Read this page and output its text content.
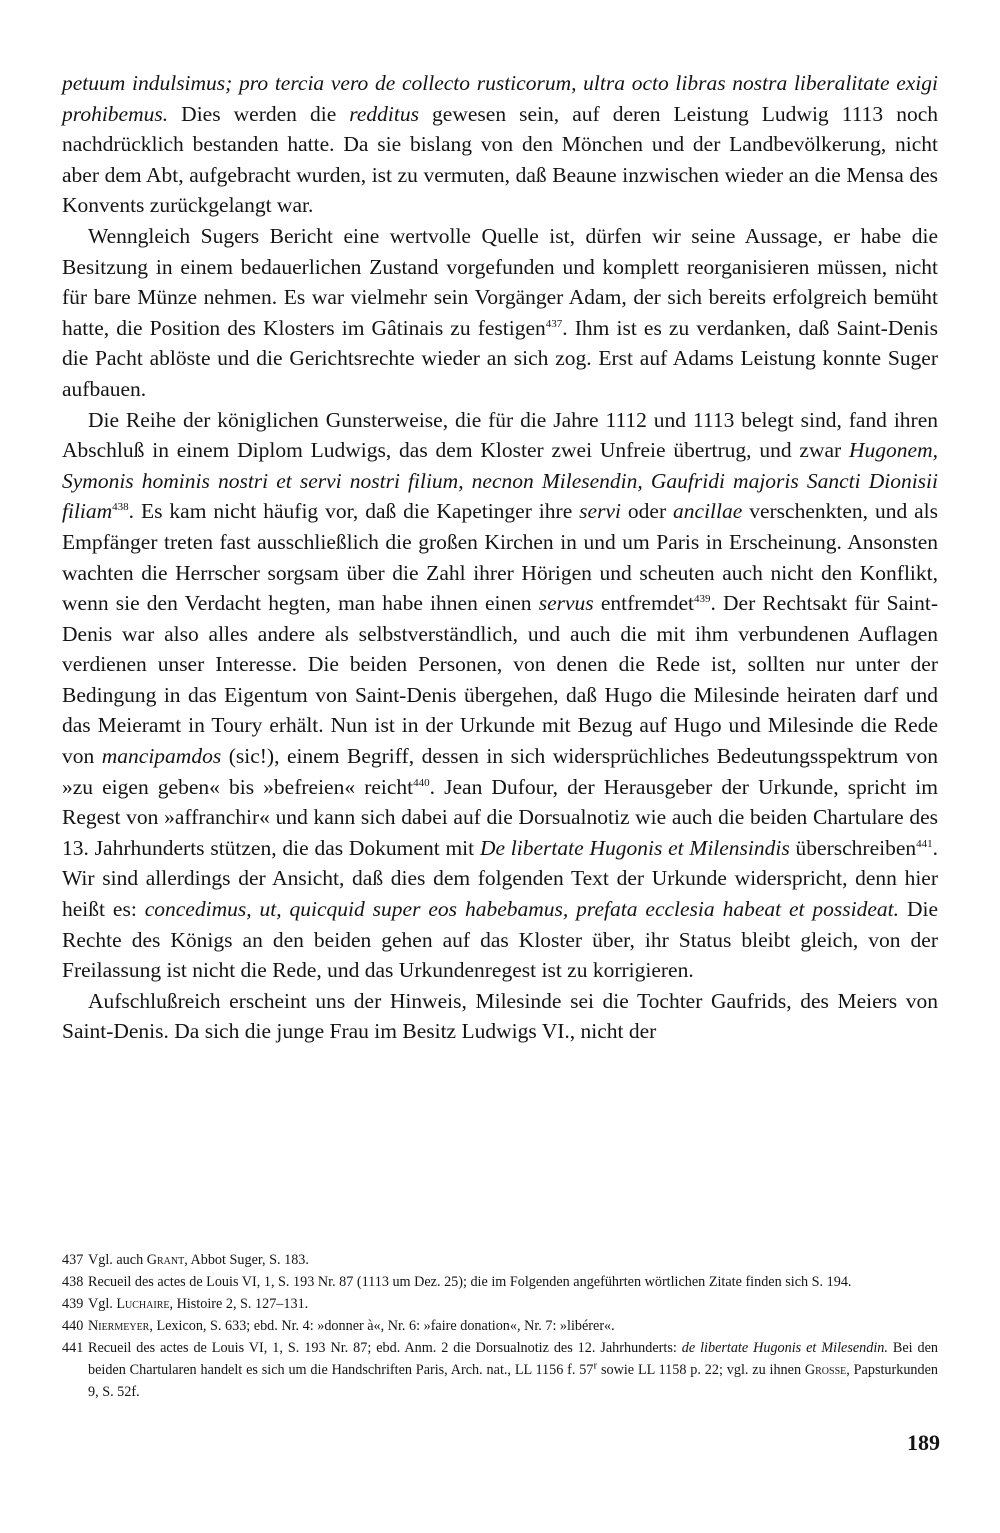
petuum indulsimus; pro tercia vero de collecto rusticorum, ultra octo libras nostra liberalitate exigi prohibemus. Dies werden die redditus gewesen sein, auf deren Leistung Ludwig 1113 noch nachdrücklich bestanden hatte. Da sie bislang von den Mönchen und der Landbevölkerung, nicht aber dem Abt, aufgebracht wurden, ist zu vermuten, daß Beaune inzwischen wieder an die Mensa des Konvents zurückgelangt war.

Wenngleich Sugers Bericht eine wertvolle Quelle ist, dürfen wir seine Aussage, er habe die Besitzung in einem bedauerlichen Zustand vorgefunden und komplett reorganisieren müssen, nicht für bare Münze nehmen. Es war vielmehr sein Vorgänger Adam, der sich bereits erfolgreich bemüht hatte, die Position des Klosters im Gâtinais zu festigen$^{437}$. Ihm ist es zu verdanken, daß Saint-Denis die Pacht ablöste und die Gerichtsrechte wieder an sich zog. Erst auf Adams Leistung konnte Suger aufbauen.

Die Reihe der königlichen Gunsterweise, die für die Jahre 1112 und 1113 belegt sind, fand ihren Abschluß in einem Diplom Ludwigs, das dem Kloster zwei Unfreie übertrug, und zwar Hugonem, Symonis hominis nostri et servi nostri filium, necnon Milesendin, Gaufridi majoris Sancti Dionisii filiam$^{438}$. Es kam nicht häufig vor, daß die Kapetinger ihre servi oder ancillae verschenkten, und als Empfänger treten fast ausschließlich die großen Kirchen in und um Paris in Erscheinung. Ansonsten wachten die Herrscher sorgsam über die Zahl ihrer Hörigen und scheuten auch nicht den Konflikt, wenn sie den Verdacht hegten, man habe ihnen einen servus entfremdet$^{439}$. Der Rechtsakt für Saint-Denis war also alles andere als selbstverständlich, und auch die mit ihm verbundenen Auflagen verdienen unser Interesse. Die beiden Personen, von denen die Rede ist, sollten nur unter der Bedingung in das Eigentum von Saint-Denis übergehen, daß Hugo die Milesinde heiraten darf und das Meieramt in Toury erhält. Nun ist in der Urkunde mit Bezug auf Hugo und Milesinde die Rede von mancipamdos (sic!), einem Begriff, dessen in sich widersprüchliches Bedeutungsspektrum von »zu eigen geben« bis »befreien« reicht$^{440}$. Jean Dufour, der Herausgeber der Urkunde, spricht im Regest von »affranchir« und kann sich dabei auf die Dorsualnotiz wie auch die beiden Chartulare des 13. Jahrhunderts stützen, die das Dokument mit De libertate Hugonis et Milensindis überschreiben$^{441}$. Wir sind allerdings der Ansicht, daß dies dem folgenden Text der Urkunde widerspricht, denn hier heißt es: concedimus, ut, quicquid super eos habebamus, prefata ecclesia habeat et possideat. Die Rechte des Königs an den beiden gehen auf das Kloster über, ihr Status bleibt gleich, von der Freilassung ist nicht die Rede, und das Urkundenregest ist zu korrigieren.

Aufschlußreich erscheint uns der Hinweis, Milesinde sei die Tochter Gaufrids, des Meiers von Saint-Denis. Da sich die junge Frau im Besitz Ludwigs VI., nicht der

437 Vgl. auch Grant, Abbot Suger, S. 183.
438 Recueil des actes de Louis VI, 1, S. 193 Nr. 87 (1113 um Dez. 25); die im Folgenden angeführten wörtlichen Zitate finden sich S. 194.
439 Vgl. Luchaire, Histoire 2, S. 127–131.
440 Niermeyer, Lexicon, S. 633; ebd. Nr. 4: »donner à«, Nr. 6: »faire donation«, Nr. 7: »libérer«.
441 Recueil des actes de Louis VI, 1, S. 193 Nr. 87; ebd. Anm. 2 die Dorsualnotiz des 12. Jahrhunderts: de libertate Hugonis et Milesendin. Bei den beiden Chartularen handelt es sich um die Handschriften Paris, Arch. nat., LL 1156 f. 57$^r$ sowie LL 1158 p. 22; vgl. zu ihnen Grosse, Papsturkunden 9, S. 52f.
189
